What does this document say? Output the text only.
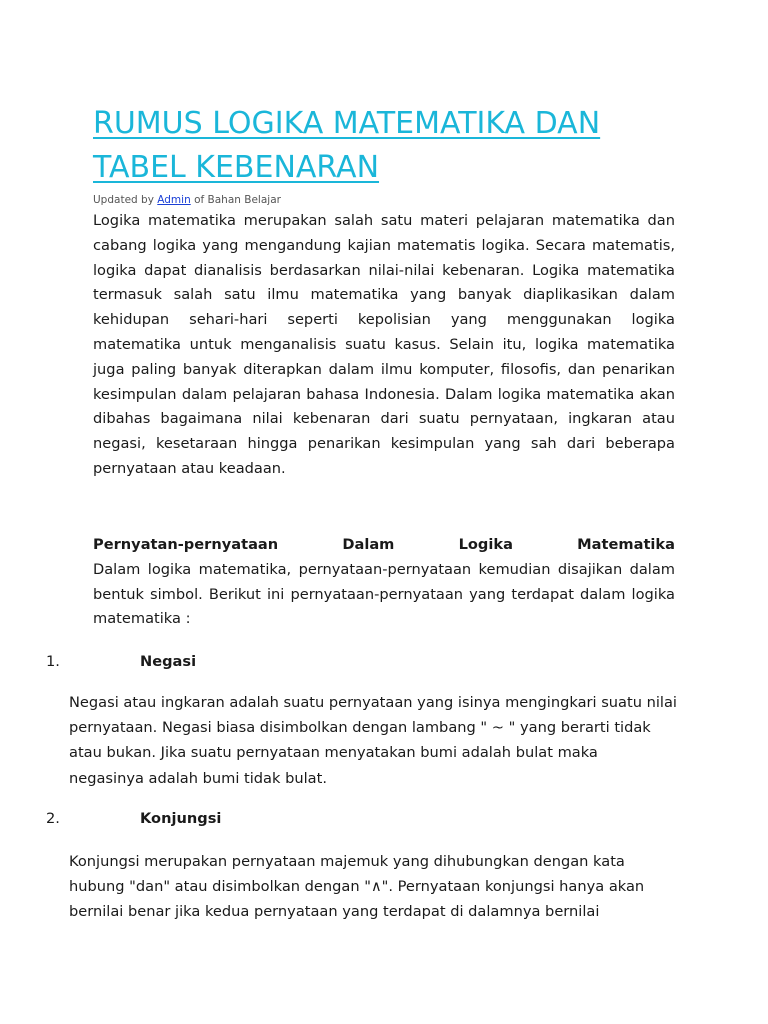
RUMUS LOGIKA MATEMATIKA DAN TABEL KEBENARAN
Updated by Admin of Bahan Belajar

Logika matematika merupakan salah satu materi pelajaran matematika dan cabang logika yang mengandung kajian matematis logika. Secara matematis, logika dapat dianalisis berdasarkan nilai-nilai kebenaran. Logika matematika termasuk salah satu ilmu matematika yang banyak diaplikasikan dalam kehidupan sehari-hari seperti kepolisian yang menggunakan logika matematika untuk menganalisis suatu kasus. Selain itu, logika matematika juga paling banyak diterapkan dalam ilmu komputer, filosofis, dan penarikan kesimpulan dalam pelajaran bahasa Indonesia. Dalam logika matematika akan dibahas bagaimana nilai kebenaran dari suatu pernyataan, ingkaran atau negasi, kesetaraan hingga penarikan kesimpulan yang sah dari beberapa pernyataan atau keadaan.

Pernyatan-pernyataan	Dalam	Logika	Matematika

Dalam logika matematika, pernyataan-pernyataan kemudian disajikan dalam bentuk simbol. Berikut ini pernyataan-pernyataan yang terdapat dalam logika matematika :

1.	Negasi

Negasi atau ingkaran adalah suatu pernyataan yang isinya mengingkari suatu nilai pernyataan. Negasi biasa disimbolkan dengan lambang " ~ " yang berarti tidak atau bukan. Jika suatu pernyataan menyatakan bumi adalah bulat maka negasinya adalah bumi tidak bulat.

2.	Konjungsi

Konjungsi merupakan pernyataan majemuk yang dihubungkan dengan kata hubung "dan" atau disimbolkan dengan "∧". Pernyataan konjungsi hanya akan bernilai benar jika kedua pernyataan yang terdapat di dalamnya bernilai
